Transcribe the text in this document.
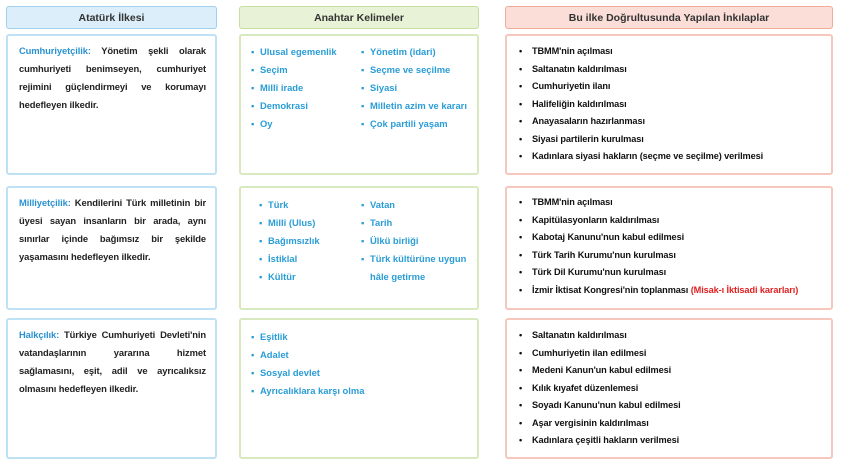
Atatürk İlkesi	Anahtar Kelimeler	Bu ilke Doğrultusunda Yapılan İnkılaplar

Cumhuriyetçilik: Yönetim şekli olarak cumhuriyeti benimseyen, cumhuriyet rejimini güçlendirmeyi ve korumayı hedefleyen ilkedir.

▪ Ulusal egemenlik
▪ Seçim
▪ Millî irade
▪ Demokrasi
▪ Oy
▪ Yönetim (idari)
▪ Seçme ve seçilme
▪ Siyasi
▪ Milletin azim ve kararı
▪ Çok partili yaşam
• TBMM'nin açılması
• Saltanatın kaldırılması
• Cumhuriyetin ilanı
• Halifeliğin kaldırılması
• Anayasaların hazırlanması
• Siyasi partilerin kurulması
• Kadınlara siyasi hakların (seçme ve seçilme) verilmesi

Milliyetçilik: Kendilerini Türk milletinin bir üyesi sayan insanların bir arada, aynı sınırlar içinde bağımsız bir şekilde yaşamasını hedefleyen ilkedir.

▪ Türk
▪ Millî (Ulus)
▪ Bağımsızlık
▪ İstiklal
▪ Kültür
▪ Vatan
▪ Tarih
▪ Ülkü birliği
▪ Türk kültürüne uygun hâle getirme
• TBMM'nin açılması
• Kapitülasyonların kaldırılması
• Kabotaj Kanunu'nun kabul edilmesi
• Türk Tarih Kurumu'nun kurulması
• Türk Dil Kurumu'nun kurulması
• İzmir İktisat Kongresi'nin toplanması (Misak-ı İktisadi kararları)

Halkçılık: Türkiye Cumhuriyeti Devleti'nin vatandaşlarının yararına hizmet sağlamasını, eşit, adil ve ayrıcalıksız olmasını hedefleyen ilkedir.

▪ Eşitlik
▪ Adalet
▪ Sosyal devlet
▪ Ayrıcalıklara karşı olma
• Saltanatın kaldırılması
• Cumhuriyetin ilan edilmesi
• Medeni Kanun'un kabul edilmesi
• Kılık kıyafet düzenlemesi
• Soyadı Kanunu'nun kabul edilmesi
• Aşar vergisinin kaldırılması
• Kadınlara çeşitli hakların verilmesi
